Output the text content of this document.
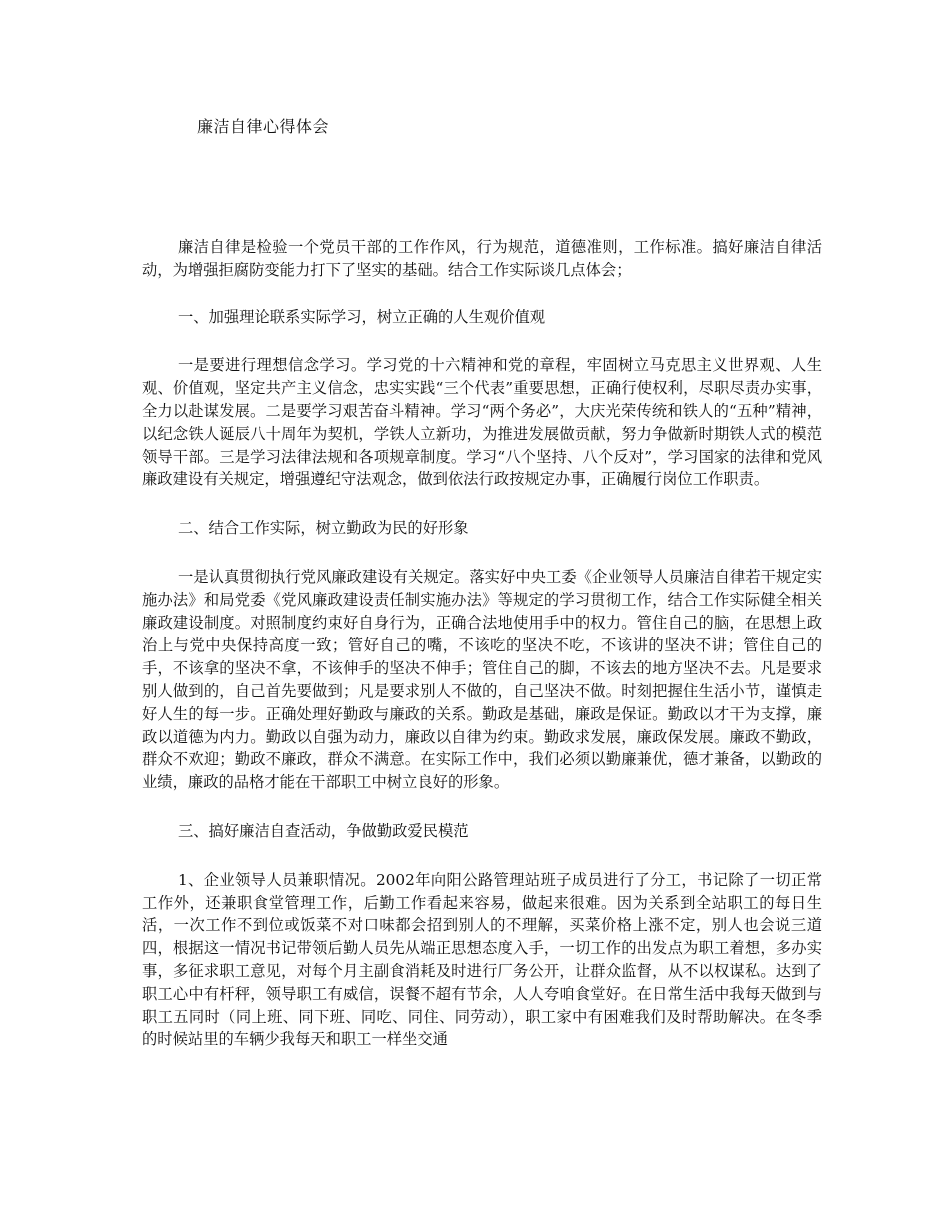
廉洁自律心得体会

廉洁自律是检验一个党员干部的工作作风，行为规范，道德准则，工作标准。搞好廉洁自律活动，为增强拒腐防变能力打下了坚实的基础。结合工作实际谈几点体会；

一、加强理论联系实际学习，树立正确的人生观价值观

一是要进行理想信念学习。学习党的十六精神和党的章程，牢固树立马克思主义世界观、人生观、价值观，坚定共产主义信念，忠实实践“三个代表”重要思想，正确行使权利，尽职尽责办实事，全力以赴谋发展。二是要学习艰苦奋斗精神。学习“两个务必”，大庆光荣传统和铁人的“五种”精神，以纪念铁人诞辰八十周年为契机，学铁人立新功，为推进发展做贡献，努力争做新时期铁人式的模范领导干部。三是学习法律法规和各项规章制度。学习“八个坚持、八个反对”，学习国家的法律和党风廉政建设有关规定，增强遵纪守法观念，做到依法行政按规定办事，正确履行岗位工作职责。

二、结合工作实际，树立勤政为民的好形象

一是认真贯彻执行党风廉政建设有关规定。落实好中央工委《企业领导人员廉洁自律若干规定实施办法》和局党委《党风廉政建设责任制实施办法》等规定的学习贯彻工作，结合工作实际健全相关廉政建设制度。对照制度约束好自身行为，正确合法地使用手中的权力。管住自己的脑，在思想上政治上与党中央保持高度一致；管好自己的嘴，不该吃的坚决不吃，不该讲的坚决不讲；管住自己的手，不该拿的坚决不拿，不该伸手的坚决不伸手；管住自己的脚，不该去的地方坚决不去。凡是要求别人做到的，自己首先要做到；凡是要求别人不做的，自己坚决不做。时刻把握住生活小节，谨慎走好人生的每一步。正确处理好勤政与廉政的关系。勤政是基础，廉政是保证。勤政以才干为支撑，廉政以道德为内力。勤政以自强为动力，廉政以自律为约束。勤政求发展，廉政保发展。廉政不勤政，群众不欢迎；勤政不廉政，群众不满意。在实际工作中，我们必须以勤廉兼优，德才兼备，以勤政的业绩，廉政的品格才能在干部职工中树立良好的形象。

三、搞好廉洁自查活动，争做勤政爱民模范

1、企业领导人员兼职情况。2002年向阳公路管理站班子成员进行了分工，书记除了一切正常工作外，还兼职食堂管理工作，后勤工作看起来容易，做起来很难。因为关系到全站职工的每日生活，一次工作不到位或饭菜不对口味都会招到别人的不理解，买菜价格上涨不定，别人也会说三道四，根据这一情况书记带领后勤人员先从端正思想态度入手，一切工作的出发点为职工着想，多办实事，多征求职工意见，对每个月主副食消耗及时进行厂务公开，让群众监督，从不以权谋私。达到了职工心中有杆秤，领导职工有威信，误餐不超有节余，人人夸咱食堂好。在日常生活中我每天做到与职工五同时（同上班、同下班、同吃、同住、同劳动），职工家中有困难我们及时帮助解决。在冬季的时候站里的车辆少我每天和职工一样坐交通
